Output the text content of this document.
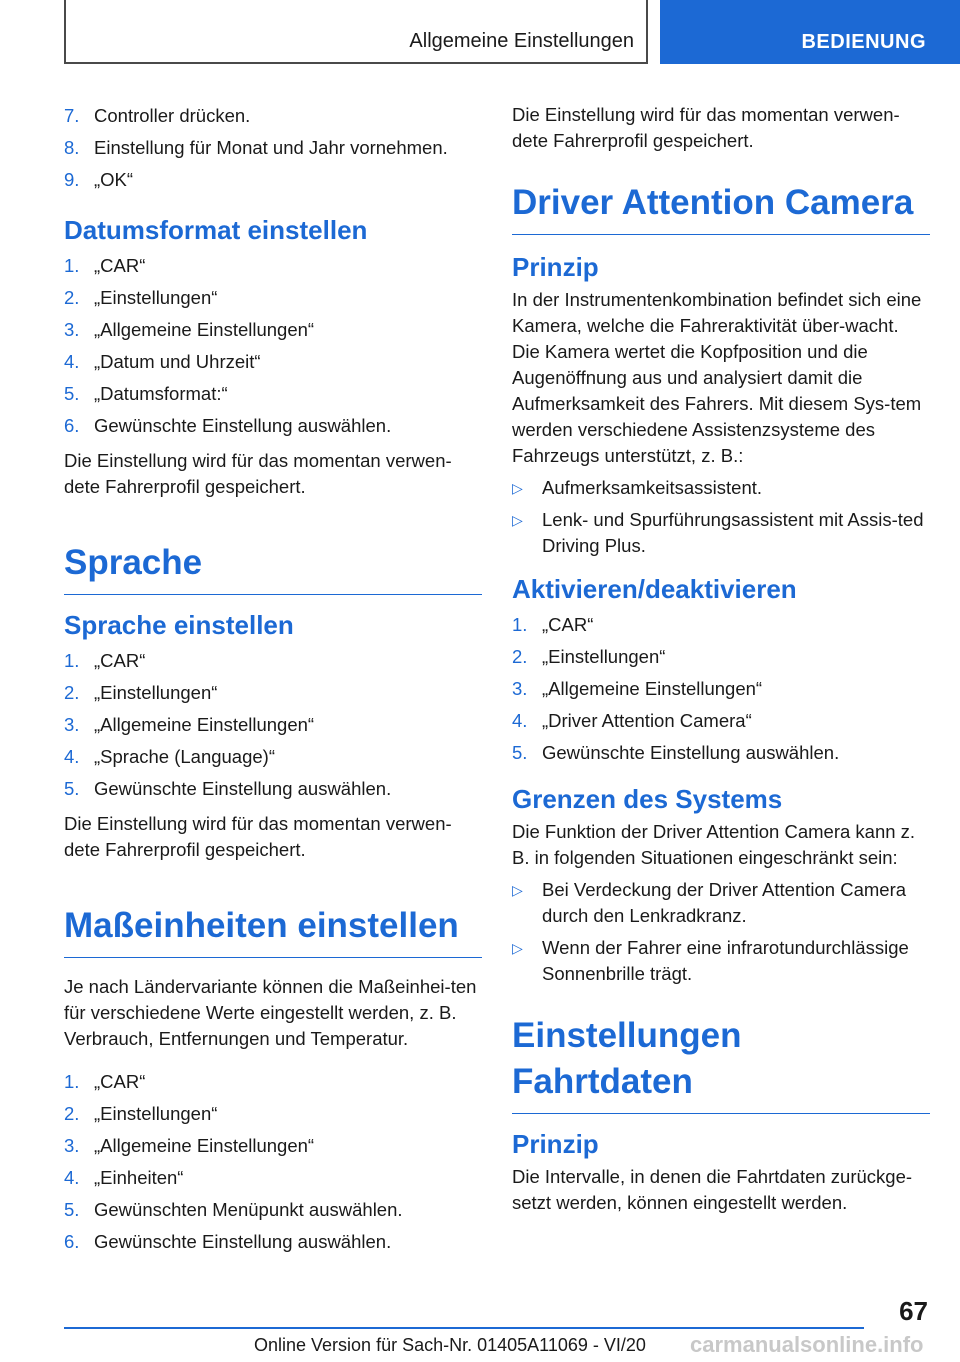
Allgemeine Einstellungen	BEDIENUNG
7. Controller drücken.
8. Einstellung für Monat und Jahr vornehmen.
9. „OK“
Datumsformat einstellen
1. „CAR“
2. „Einstellungen“
3. „Allgemeine Einstellungen“
4. „Datum und Uhrzeit“
5. „Datumsformat:“
6. Gewünschte Einstellung auswählen.

Die Einstellung wird für das momentan verwen‐dete Fahrerprofil gespeichert.

Sprache
Sprache einstellen
1. „CAR“
2. „Einstellungen“
3. „Allgemeine Einstellungen“
4. „Sprache (Language)“
5. Gewünschte Einstellung auswählen.

Die Einstellung wird für das momentan verwen‐dete Fahrerprofil gespeichert.

Maßeinheiten einstellen

Je nach Ländervariante können die Maßeinhei‐ten für verschiedene Werte eingestellt werden, z. B. Verbrauch, Entfernungen und Temperatur.

1. „CAR“
2. „Einstellungen“
3. „Allgemeine Einstellungen“
4. „Einheiten“
5. Gewünschten Menüpunkt auswählen.
6. Gewünschte Einstellung auswählen.

Die Einstellung wird für das momentan verwen‐dete Fahrerprofil gespeichert.

Driver Attention Camera
Prinzip

In der Instrumentenkombination befindet sich eine Kamera, welche die Fahreraktivität über‐wacht. Die Kamera wertet die Kopfposition und die Augenöffnung aus und analysiert damit die Aufmerksamkeit des Fahrers. Mit diesem Sys‐tem werden verschiedene Assistenzsysteme des Fahrzeugs unterstützt, z. B.:

▷ Aufmerksamkeitsassistent.
▷ Lenk- und Spurführungsassistent mit Assis‐ted Driving Plus.
Aktivieren/deaktivieren
1. „CAR“
2. „Einstellungen“
3. „Allgemeine Einstellungen“
4. „Driver Attention Camera“
5. Gewünschte Einstellung auswählen.
Grenzen des Systems

Die Funktion der Driver Attention Camera kann z. B. in folgenden Situationen eingeschränkt sein:

▷ Bei Verdeckung der Driver Attention Camera durch den Lenkradkranz.
▷ Wenn der Fahrer eine infrarotundurchlässige Sonnenbrille trägt.
Einstellungen Fahrtdaten
Prinzip

Die Intervalle, in denen die Fahrtdaten zurückge‐setzt werden, können eingestellt werden.

67
Online Version für Sach-Nr. 01405A11069 - VI/20 carmanualsonline.info
